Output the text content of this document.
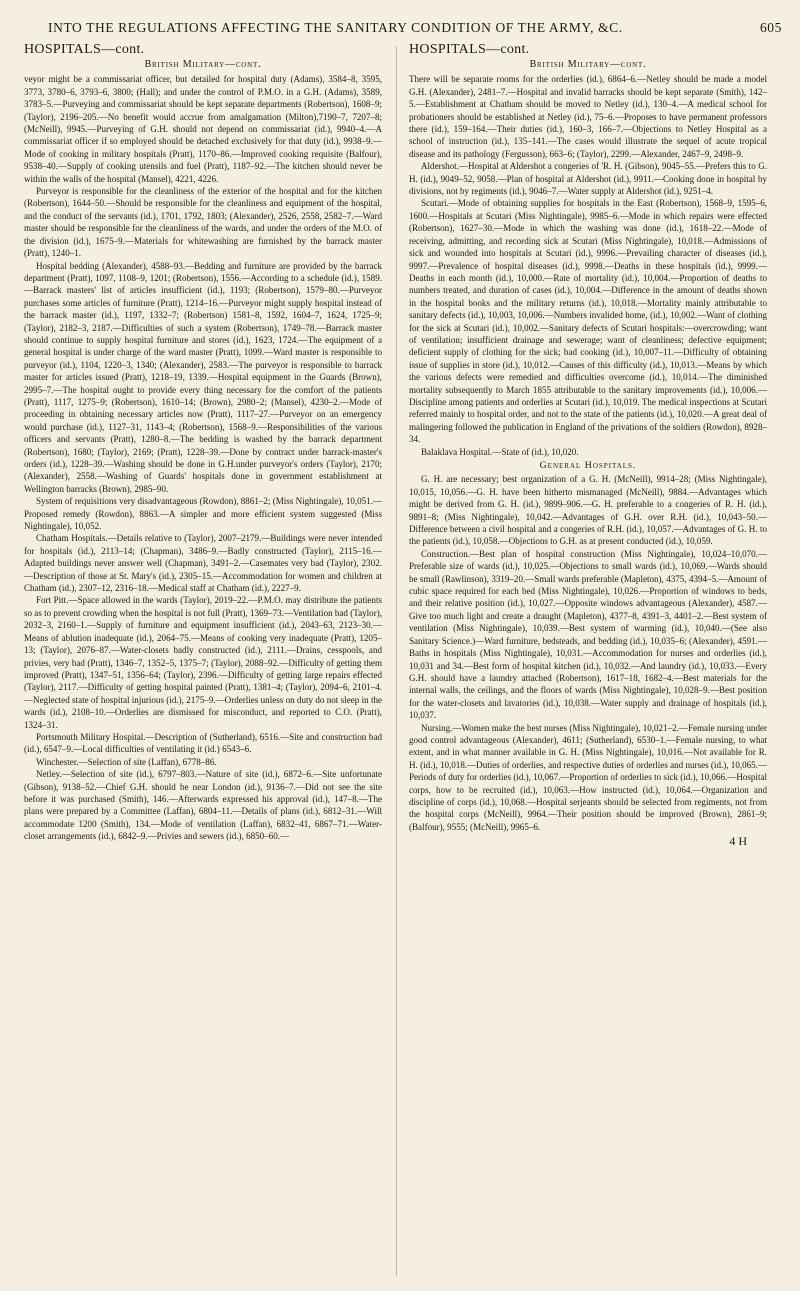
INTO THE REGULATIONS AFFECTING THE SANITARY CONDITION OF THE ARMY, &C.	605
HOSPITALS—cont.
British Military—cont.

veyor might be a commissariat officer, but detailed for hospital duty (Adams), 3584–8, 3595, 3773, 3780–6, 3793–6, 3800; (Hall); and under the control of P.M.O. in a G.H. (Adams), 3589, 3783–5.—Purveying and commissariat should be kept separate departments (Robertson), 1608–9; (Taylor), 2196–205.—No benefit would accrue from amalgamation (Milton),7190–7, 7207–8; (McNeill), 9945.—Purveying of G.H. should not depend on commissariat (id.), 9940–4.—A commissariat officer if so employed should be detached exclusively for that duty (id.), 9938–9.—Mode of cooking in military hospitals (Pratt), 1170–86.—Improved cooking requisite (Balfour), 9538–40.—Supply of cooking utensils and fuel (Pratt), 1187–92.—The kitchen should never be within the walls of the hospital (Mansel), 4221, 4226.

Purveyor is responsible for the cleanliness of the exterior of the hospital and for the kitchen (Robertson), 1644–50.—Should be responsible for the cleanliness and equipment of the hospital, and the conduct of the servants (id.), 1701, 1792, 1803; (Alexander), 2526, 2558, 2582–7.—Ward master should be responsible for the cleanliness of the wards, and under the orders of the M.O. of the division (id.), 1675–9.—Materials for whitewashing are furnished by the barrack master (Pratt), 1240–1.

Hospital bedding (Alexander), 4588–93.—Bedding and furniture are provided by the barrack department (Pratt), 1097, 1108–9, 1201; (Robertson), 1556.—According to a schedule (id.), 1589.—Barrack masters' list of articles insufficient (id.), 1193; (Robertson), 1579–80.—Purveyor purchases some articles of furniture (Pratt), 1214–16.—Purveyor might supply hospital instead of the barrack master (id.), 1197, 1332–7; (Robertson) 1581–8, 1592, 1604–7, 1624, 1725–9; (Taylor), 2182–3, 2187.—Difficulties of such a system (Robertson), 1749–78.—Barrack master should continue to supply hospital furniture and stores (id.), 1623, 1724.—The equipment of a general hospital is under charge of the ward master (Pratt), 1099.—Ward master is responsible to purveyor (id.), 1104, 1220–3, 1340; (Alexander), 2583.—The purveyor is responsible to barrack master for articles issued (Pratt), 1218–19, 1339.—Hospital equipment in the Guards (Brown), 2995–7.—The hospital ought to provide every thing necessary for the comfort of the patients (Pratt), 1117, 1275–9; (Robertson), 1610–14; (Brown), 2980–2; (Mansel), 4230–2.—Mode of proceeding in obtaining necessary articles now (Pratt), 1117–27.—Purveyor on an emergency would purchase (id.), 1127–31, 1143–4; (Robertson), 1568–9.—Responsibilities of the various officers and servants (Pratt), 1280–8.—The bedding is washed by the barrack department (Robertson), 1680; (Taylor), 2169; (Pratt), 1228–39.—Done by contract under barrack-master's orders (id.), 1228–39.—Washing should be done in G.H.under purveyor's orders (Taylor), 2170; (Alexander), 2558.—Washing of Guards' hospitals done in government establishment at Wellington barracks (Brown), 2985–90.

System of requisitions very disadvantageous (Rowdon), 8861–2; (Miss Nightingale), 10,051.—Proposed remedy (Rowdon), 8863.—A simpler and more efficient system suggested (Miss Nightingale), 10,052.

Chatham Hospitals.—Details relative to (Taylor), 2007–2179.—Buildings were never intended for hospitals (id.), 2113–14; (Chapman), 3486–9.—Badly constructed (Taylor), 2115–16.—Adapted buildings never answer well (Chapman), 3491–2.—Casemates very bad (Taylor), 2302.—Description of those at St. Mary's (id.), 2305–15.—Accommodation for women and children at Chatham (id.), 2307–12, 2316–18.—Medical staff at Chatham (id.), 2227–9.

Fort Pitt.—Space allowed in the wards (Taylor), 2019–22.—P.M.O. may distribute the patients so as to prevent crowding when the hospital is not full (Pratt), 1369–73.—Ventilation bad (Taylor), 2032–3, 2160–1.—Supply of furniture and equipment insufficient (id.), 2043–63, 2123–30.—Means of ablution inadequate (id.), 2064–75.—Means of cooking very inadequate (Pratt), 1205–13; (Taylor), 2076–87.—Water-closets badly constructed (id.), 2111.—Drains, cesspools, and privies, very bad (Pratt), 1346–7, 1352–5, 1375–7; (Taylor), 2088–92.—Difficulty of getting them improved (Pratt), 1347–51, 1356–64; (Taylor), 2396.—Difficulty of getting large repairs effected (Taylor), 2117.—Difficulty of getting hospital painted (Pratt), 1381–4; (Taylor), 2094–6, 2101–4.—Neglected state of hospital injurious (id.), 2175–9.—Orderlies unless on duty do not sleep in the wards (id.), 2108–10.—Orderlies are dismissed for misconduct, and reported to C.O. (Pratt), 1324–31.

Portsmouth Military Hospital.—Description of (Sutherland), 6516.—Site and construction bad (id.), 6547–9.—Local difficulties of ventilating it (id.) 6543–6.

Winchester.—Selection of site (Laffan), 6778–86.

Netley.—Selection of site (id.), 6797–803.—Nature of site (id.), 6872–6.—Site unfortunate (Gibson), 9138–52.—Chief G.H. should be near London (id.), 9136–7.—Did not see the site before it was purchased (Smith), 146.—Afterwards expressed his approval (id.), 147–8.—The plans were prepared by a Committee (Laffan), 6804–11.—Details of plans (id.), 6812–31.—Will accommodate 1200 (Smith), 134.—Mode of ventilation (Laffan), 6832–41, 6867–71.—Water-closet arrangements (id.), 6842–9.—Privies and sewers (id.), 6850–60.—

HOSPITALS—cont.
British Military—cont.

There will be separate rooms for the orderlies (id.), 6864–6.—Netley should be made a model G.H. (Alexander), 2481–7.—Hospital and invalid barracks should be kept separate (Smith), 142–5.—Establishment at Chatham should be moved to Netley (id.), 130–4.—A medical school for probationers should be established at Netley (id.), 75–6.—Proposes to have permanent professors there (id.), 159–164.—Their duties (id.), 160–3, 166–7.—Objections to Netley Hospital as a school of instruction (id.), 135–141.—The cases would illustrate the sequel of acute tropical disease and its pathology (Fergusson), 663–6; (Taylor), 2299.—Alexander, 2467–9, 2498–9.

Aldershot.—Hospital at Aldershot a congeries of 'R. H. (Gibson), 9045–55.—Prefers this to G. H. (id.), 9049–52, 9058.—Plan of hospital at Aldershot (id.), 9911.—Cooking done in hospital by divisions, not by regiments (id.), 9046–7.—Water supply at Aldershot (id.), 9251–4.

Scutari.—Mode of obtaining supplies for hospitals in the East (Robertson), 1568–9, 1595–6, 1600.—Hospitals at Scutari (Miss Nightingale), 9985–6.—Mode in which repairs were effected (Robertson), 1627–30.—Mode in which the washing was done (id.), 1618–22.—Mode of receiving, admitting, and recording sick at Scutari (Miss Nightingale), 10,018.—Admissions of sick and wounded into hospitals at Scutari (id.), 9996.—Prevailing character of diseases (id.), 9997.—Prevalence of hospital diseases (id.), 9998.—Deaths in these hospitals (id.), 9999.—Deaths in each month (id.), 10,000.—Rate of mortality (id.), 10,004.—Proportion of deaths to numbers treated, and duration of cases (id.), 10,004.—Difference in the amount of deaths shown in the hospital books and the military returns (id.), 10,018.—Mortality mainly attributable to sanitary defects (id.), 10,003, 10,006.—Numbers invalided home, (id.), 10,002.—Want of clothing for the sick at Scutari (id.), 10,002.—Sanitary defects of Scutari hospitals:—overcrowding; want of ventilation; insufficient drainage and sewerage; want of cleanliness; defective equipment; deficient supply of clothing for the sick; bad cooking (id.), 10,007–11.—Difficulty of obtaining issue of supplies in store (id.), 10,012.—Causes of this difficulty (id.), 10,013.—Means by which the various defects were remedied and difficulties overcome (id.), 10,014.—The diminished mortality subsequently to March 1855 attributable to the sanitary improvements (id.), 10,006.—Discipline among patients and orderlies at Scutari (id.), 10,019. The medical inspections at Scutari referred mainly to hospital order, and not to the state of the patients (id.), 10,020.—A great deal of malingering followed the publication in England of the privations of the soldiers (Rowdon), 8928–34.

Balaklava Hospital.—State of (id.), 10,020.

General Hospitals.

G. H. are necessary; best organization of a G. H. (McNeill), 9914–28; (Miss Nightingale), 10,015, 10,056.—G. H. have been hitherto mismanaged (McNeill), 9884.—Advantages which might be derived from G. H. (id.), 9899–906.—G. H. preferable to a congeries of R. H. (id.), 9891–8; (Miss Nightingale), 10,042.—Advantages of G.H. over R.H. (id.), 10,043–50.—Difference between a civil hospital and a congeries of R.H. (id.), 10,057.—Advantages of G. H. to the patients (id.), 10,058.—Objections to G.H. as at present conducted (id.), 10,059.

Construction.—Best plan of hospital construction (Miss Nightingale), 10,024–10,070.—Preferable size of wards (id.), 10,025.—Objections to small wards (id.), 10,069.—Wards should be small (Rawlinson), 3319–20.—Small wards preferable (Mapleton), 4375, 4394–5.—Amount of cubic space required for each bed (Miss Nightingale), 10,026.—Proportion of windows to beds, and their relative position (id.), 10,027.—Opposite windows advantageous (Alexander), 4587.—Give too much light and create a draught (Mapleton), 4377–8, 4391–3, 4401–2.—Best system of ventilation (Miss Nightingale), 10,039.—Best system of warming (id.), 10,040.—(See also Sanitary Science.)—Ward furniture, bedsteads, and bedding (id.), 10,035–6; (Alexander), 4591.—Baths in hospitals (Miss Nightingale), 10,031.—Accommodation for nurses and orderlies (id.), 10,031 and 34.—Best form of hospital kitchen (id.), 10,032.—And laundry (id.), 10,033.—Every G.H. should have a laundry attached (Robertson), 1617–18, 1682–4.—Best materials for the internal walls, the ceilings, and the floors of wards (Miss Nightingale), 10,028–9.—Best position for the water-closets and lavatories (id.), 10,038.—Water supply and drainage of hospitals (id.), 10,037.

Nursing.—Women make the best nurses (Miss Nightingale), 10,021–2.—Female nursing under good control advantageous (Alexander), 4611; (Sutherland), 6530–1.—Female nursing, to what extent, and in what manner available in G. H. (Miss Nightingale), 10,016.—Not available for R. H. (id.), 10,018.—Duties of orderlies, and respective duties of orderlies and nurses (id.), 10,065.—Periods of duty for orderlies (id.), 10,067.—Proportion of orderlies to sick (id.), 10,066.—Hospital corps, how to be recruited (id.), 10,063.—How instructed (id.), 10,064.—Organization and discipline of corps (id.), 10,068.—Hospital serjeants should be selected from regiments, not from the hospital corps (McNeill), 9964.—Their position should be improved (Brown), 2861–9; (Balfour), 9555; (McNeill), 9965–6.

4 H
